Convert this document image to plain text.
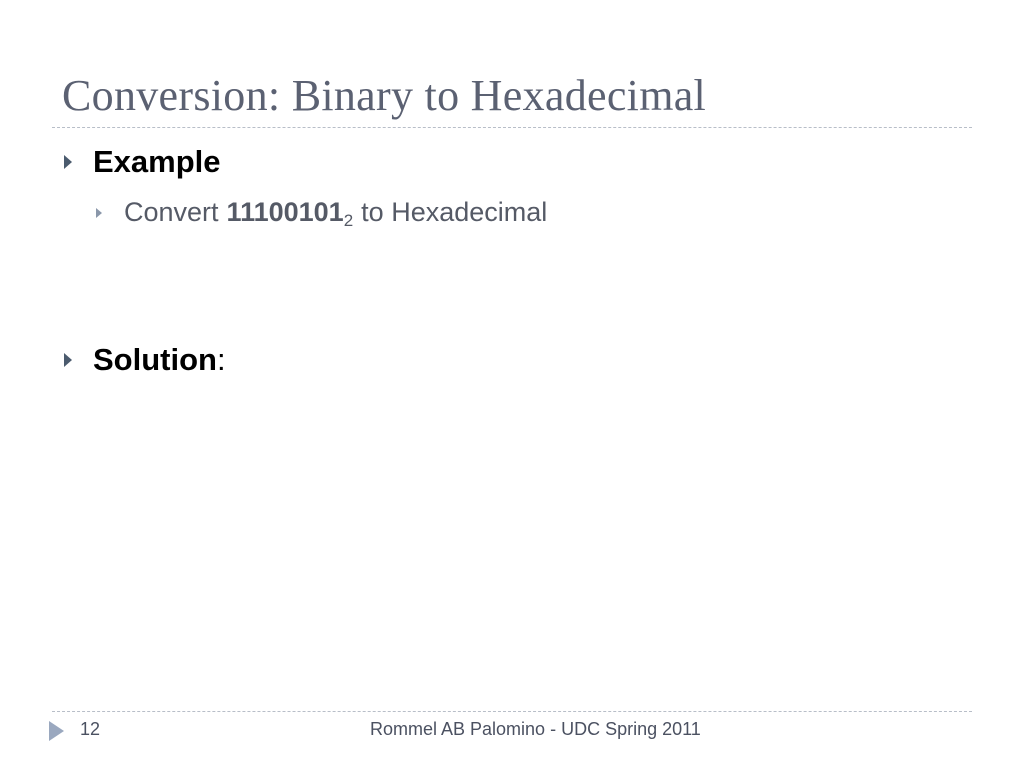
Conversion: Binary to Hexadecimal
Example
Convert 11100101 2 to Hexadecimal
Solution :
12	Rommel AB Palomino - UDC Spring 2011
